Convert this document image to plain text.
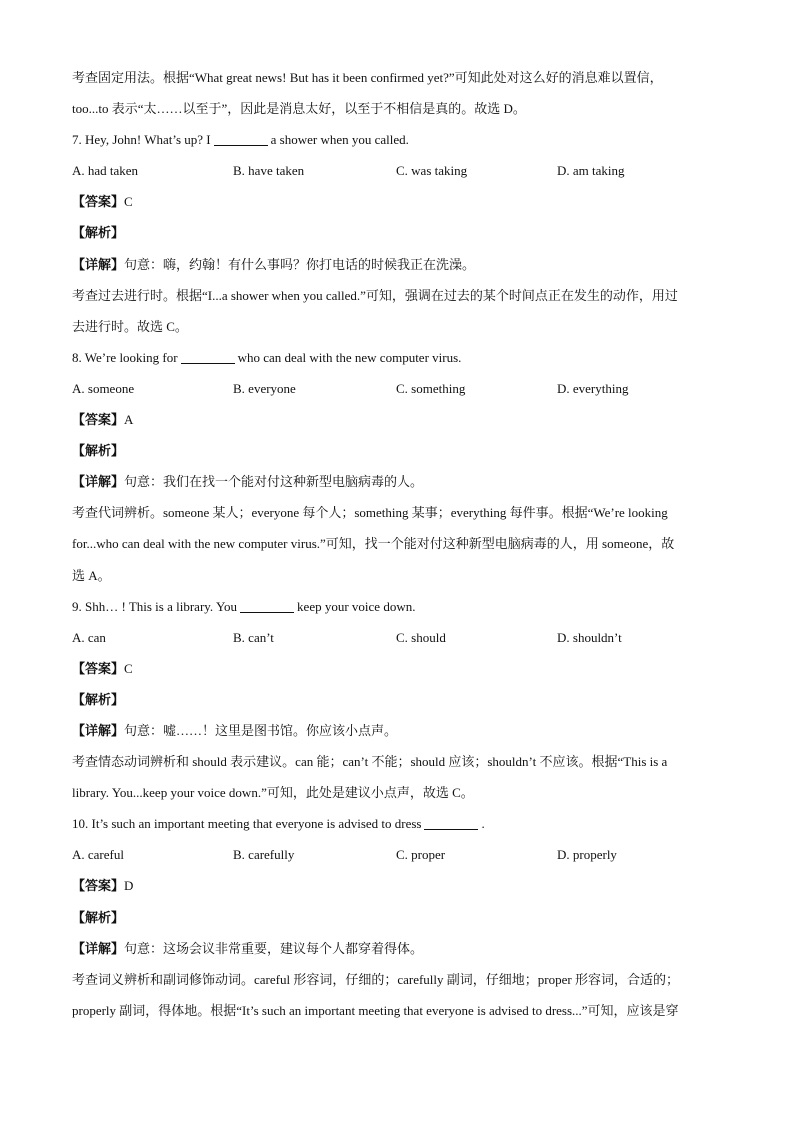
考查固定用法。根据“What great news! But has it been confirmed yet?”可知此处对这么好的消息难以置信，
too...to 表示“太……以至于”，因此是消息太好，以至于不相信是真的。故选 D。
7. Hey, John! What’s up? I	a shower when you called.
A. had taken	B. have taken	C. was taking	D. am taking
【答案】C
【解析】
【详解】句意：嗨，约翰！有什么事吗？你打电话的时候我正在洗澡。
考查过去进行时。根据“I...a shower when you called.”可知，强调在过去的某个时间点正在发生的动作，用过
去进行时。故选 C。
8. We’re looking for	who can deal with the new computer virus.
A. someone	B. everyone	C. something	D. everything
【答案】A
【解析】
【详解】句意：我们在找一个能对付这种新型电脑病毒的人。
考查代词辨析。someone 某人；everyone 每个人；something 某事；everything 每件事。根据“We’re looking
for...who can deal with the new computer virus.”可知，找一个能对付这种新型电脑病毒的人，用 someone，故
选 A。
9. Shh… ! This is a library. You	keep your voice down.
A. can	B. can’t	C. should	D. shouldn’t
【答案】C
【解析】
【详解】句意：嘘……！这里是图书馆。你应该小点声。
考查情态动词辨析和 should 表示建议。can 能；can’t 不能；should 应该；shouldn’t 不应该。根据“This is a
library. You...keep your voice down.”可知，此处是建议小点声，故选 C。
10. It’s such an important meeting that everyone is advised to dress	.
A. careful	B. carefully	C. proper	D. properly
【答案】D
【解析】
【详解】句意：这场会议非常重要，建议每个人都穿着得体。
考查词义辨析和副词修饰动词。careful 形容词，仔细的；carefully 副词，仔细地；proper 形容词，合适的；
properly 副词，得体地。根据“It’s such an important meeting that everyone is advised to dress...”可知，应该是穿
